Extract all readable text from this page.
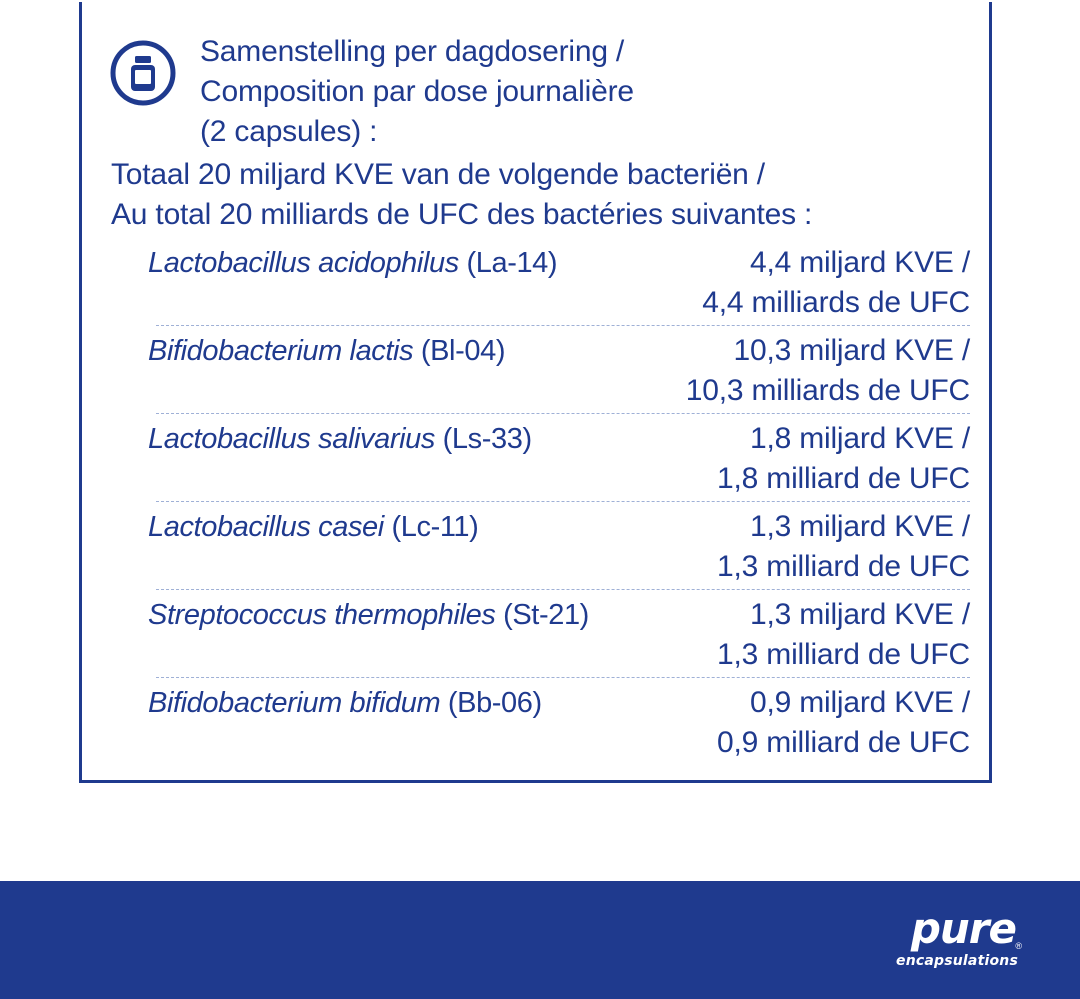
Samenstelling per dagdosering /
Composition par dose journalière
(2 capsules) :
Totaal 20 miljard KVE van de volgende bacteriën /
Au total 20 milliards de UFC des bactéries suivantes :
Lactobacillus acidophilus (La-14)	4,4 miljard KVE /
4,4 milliards de UFC
Bifidobacterium lactis (Bl-04)	10,3 miljard KVE /
10,3 milliards de UFC
Lactobacillus salivarius (Ls-33)	1,8 miljard KVE /
1,8 milliard de UFC
Lactobacillus casei (Lc-11)	1,3 miljard KVE /
1,3 milliard de UFC
Streptococcus thermophiles (St-21)	1,3 miljard KVE /
1,3 milliard de UFC
Bifidobacterium bifidum (Bb-06)	0,9 miljard KVE /
0,9 milliard de UFC
pure ®
encapsulations
